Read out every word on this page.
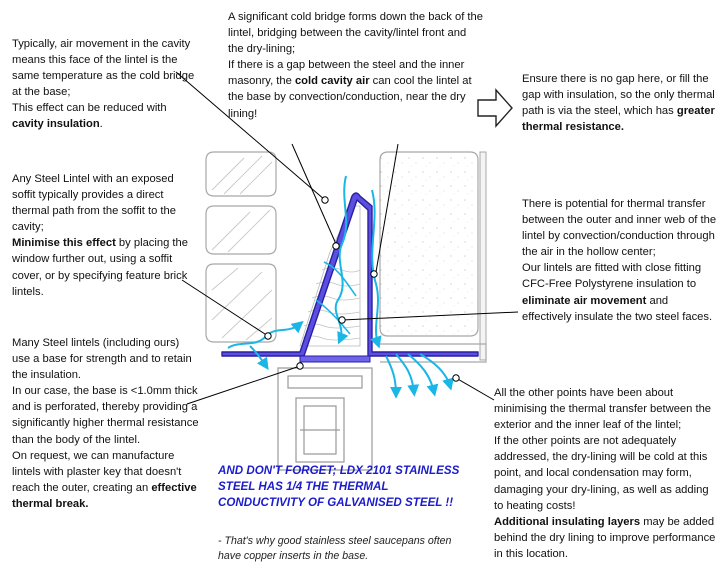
Typically, air movement in the cavity means this face of the lintel is the same temperature as the cold bridge at the base;

This effect can be reduced with cavity insulation.

A significant cold bridge forms down the back of the lintel, bridging between the cavity/lintel front and the dry-lining;

If there is a gap between the steel and the inner masonry, the cold cavity air can cool the lintel at the base by convection/conduction, near the dry lining!

Ensure there is no gap here, or fill the gap with insulation, so the only thermal path is via the steel, which has greater thermal resistance.

Any Steel Lintel with an exposed soffit typically provides a direct thermal path from the soffit to the cavity;

Minimise this effect by placing the window further out, using a soffit cover, or by specifying feature brick lintels.

There is potential for thermal transfer between the outer and inner web of the lintel by convection/conduction through the air in the hollow center;

Our lintels are fitted with close fitting CFC-Free Polystyrene insulation to eliminate air movement and effectively insulate the two steel faces.

Many Steel lintels (including ours) use a base for strength and to retain the insulation.

In our case, the base is <1.0mm thick and is perforated, thereby providing a significantly higher thermal resistance than the body of the lintel.

On request, we can manufacture lintels with plaster key that doesn't reach the outer, creating an effective thermal break.

All the other points have been about minimising the thermal transfer between the exterior and the inner leaf of the lintel;

If the other points are not adequately addressed, the dry-lining will be cold at this point, and local condensation may form, damaging your dry-lining, as well as adding to heating costs!

Additional insulating layers may be added behind the dry lining to improve performance in this location.

AND DON'T FORGET; LDX 2101 STAINLESS STEEL HAS 1/4 THE THERMAL CONDUCTIVITY OF GALVANISED STEEL !!
- That's why good stainless steel saucepans often have copper inserts in the base.
